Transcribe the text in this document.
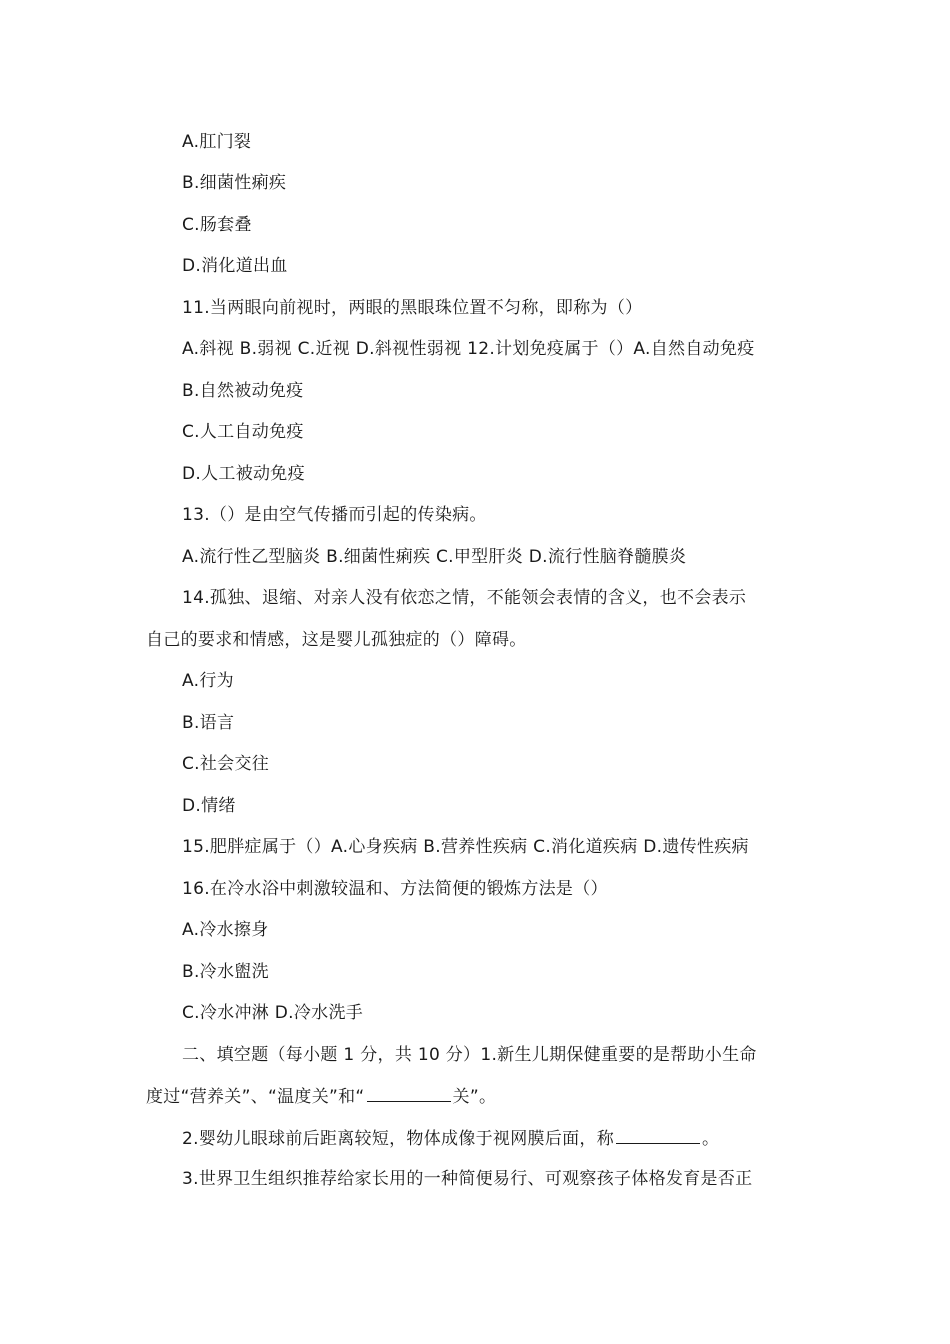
A.肛门裂
B.细菌性痢疾
C.肠套叠
D.消化道出血
11.当两眼向前视时，两眼的黑眼珠位置不匀称，即称为（）
A.斜视 B.弱视 C.近视 D.斜视性弱视 12.计划免疫属于（）A.自然自动免疫
B.自然被动免疫
C.人工自动免疫
D.人工被动免疫
13.（）是由空气传播而引起的传染病。
A.流行性乙型脑炎 B.细菌性痢疾 C.甲型肝炎 D.流行性脑脊髓膜炎
14.孤独、退缩、对亲人没有依恋之情，不能领会表情的含义，也不会表示
自己的要求和情感，这是婴儿孤独症的（）障碍。
A.行为
B.语言
C.社会交往
D.情绪
15.肥胖症属于（）A.心身疾病 B.营养性疾病 C.消化道疾病 D.遗传性疾病
16.在冷水浴中刺激较温和、方法简便的锻炼方法是（）
A.冷水擦身
B.冷水盥洗
C.冷水冲淋 D.冷水洗手
二、填空题（每小题 1 分，共 10 分）1.新生儿期保健重要的是帮助小生命
度过“营养关”、“温度关”和“	关”。
2.婴幼儿眼球前后距离较短，物体成像于视网膜后面，称	。
3.世界卫生组织推荐给家长用的一种简便易行、可观察孩子体格发育是否正
